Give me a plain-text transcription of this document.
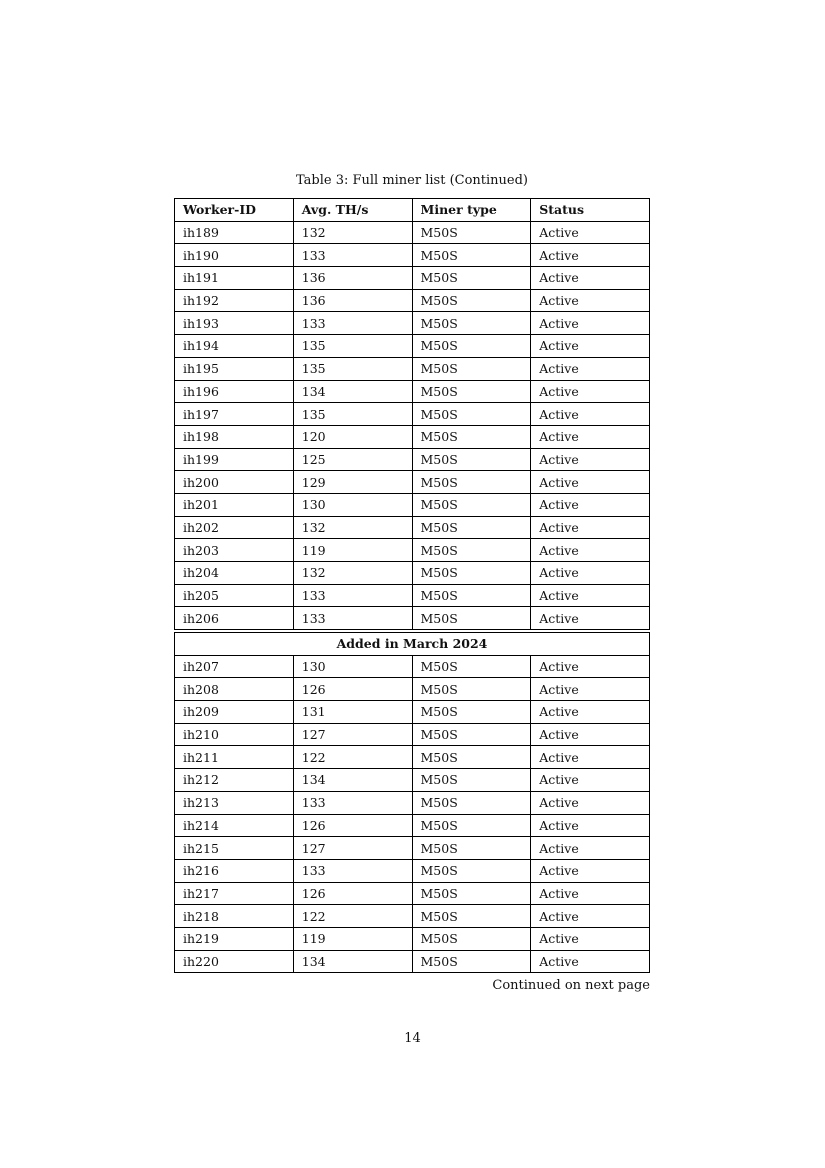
Table 3: Full miner list (Continued)
Worker-ID	Avg. TH/s	Miner type	Status
ih189	132	M50S	Active
ih190	133	M50S	Active
ih191	136	M50S	Active
ih192	136	M50S	Active
ih193	133	M50S	Active
ih194	135	M50S	Active
ih195	135	M50S	Active
ih196	134	M50S	Active
ih197	135	M50S	Active
ih198	120	M50S	Active
ih199	125	M50S	Active
ih200	129	M50S	Active
ih201	130	M50S	Active
ih202	132	M50S	Active
ih203	119	M50S	Active
ih204	132	M50S	Active
ih205	133	M50S	Active
ih206	133	M50S	Active
Added in March 2024			
ih207	130	M50S	Active
ih208	126	M50S	Active
ih209	131	M50S	Active
ih210	127	M50S	Active
ih211	122	M50S	Active
ih212	134	M50S	Active
ih213	133	M50S	Active
ih214	126	M50S	Active
ih215	127	M50S	Active
ih216	133	M50S	Active
ih217	126	M50S	Active
ih218	122	M50S	Active
ih219	119	M50S	Active
ih220	134	M50S	Active
Continued on next page
14
